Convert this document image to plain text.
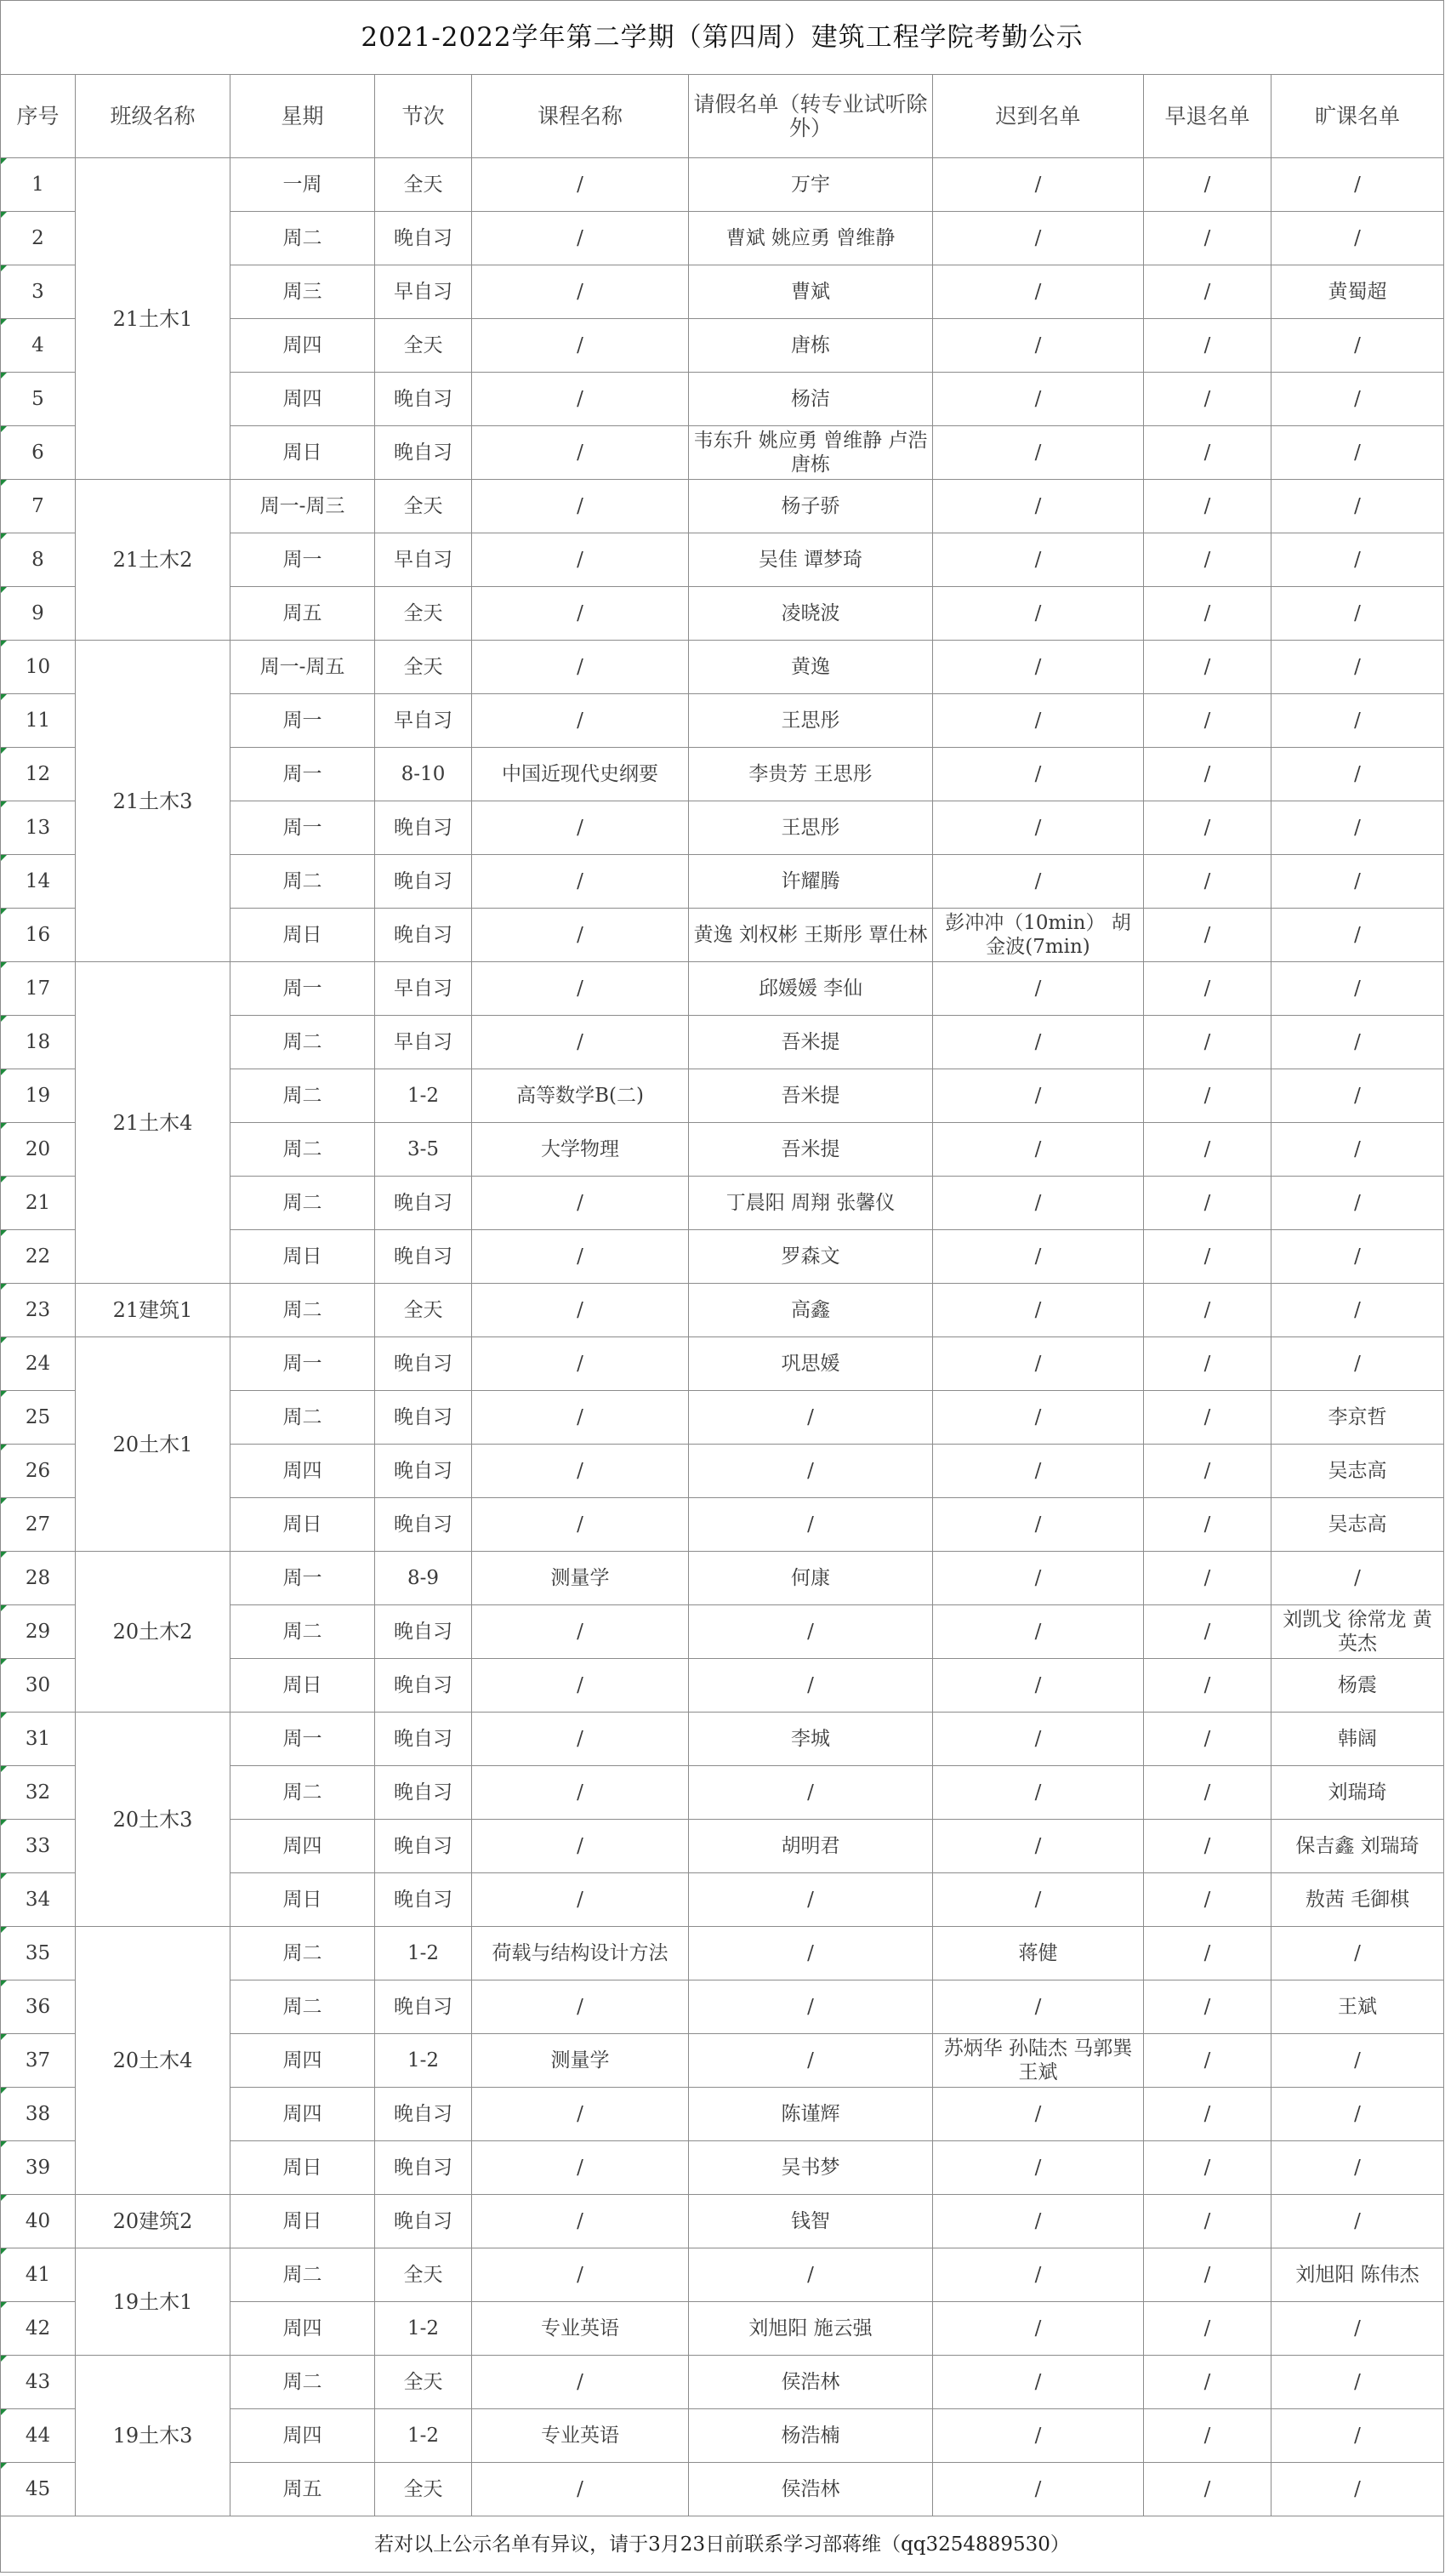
2021-2022学年第二学期（第四周）建筑工程学院考勤公示								
序号	班级名称	星期	节次	课程名称	请假名单（转专业试听除外）	迟到名单	早退名单	旷课名单
1	21土木1	一周	全天	/	万宇	/	/	/
2		周二	晚自习	/	曹斌 姚应勇 曾维静	/	/	/
3		周三	早自习	/	曹斌	/	/	黄蜀超
4		周四	全天	/	唐栋	/	/	/
5		周四	晚自习	/	杨洁	/	/	/
6		周日	晚自习	/	韦东升 姚应勇 曾维静 卢浩 唐栋	/	/	/
7	21土木2	周一-周三	全天	/	杨子骄	/	/	/
8		周一	早自习	/	吴佳 谭梦琦	/	/	/
9		周五	全天	/	凌晓波	/	/	/
10	21土木3	周一-周五	全天	/	黄逸	/	/	/
11		周一	早自习	/	王思彤	/	/	/
12		周一	8-10	中国近现代史纲要	李贵芳 王思彤	/	/	/
13		周一	晚自习	/	王思彤	/	/	/
14		周二	晚自习	/	许耀腾	/	/	/
16		周日	晚自习	/	黄逸 刘权彬 王斯彤 覃仕林	彭冲冲（10min） 胡金波(7min)	/	/
17	21土木4	周一	早自习	/	邱媛媛 李仙	/	/	/
18		周二	早自习	/	吾米提	/	/	/
19		周二	1-2	高等数学B(二)	吾米提	/	/	/
20		周二	3-5	大学物理	吾米提	/	/	/
21		周二	晚自习	/	丁晨阳 周翔 张馨仪	/	/	/
22		周日	晚自习	/	罗森文	/	/	/
23	21建筑1	周二	全天	/	高鑫	/	/	/
24	20土木1	周一	晚自习	/	巩思媛	/	/	/
25		周二	晚自习	/	/	/	/	李京哲
26		周四	晚自习	/	/	/	/	吴志高
27		周日	晚自习	/	/	/	/	吴志高
28	20土木2	周一	8-9	测量学	何康	/	/	/
29		周二	晚自习	/	/	/	/	刘凯戈 徐常龙 黄英杰
30		周日	晚自习	/	/	/	/	杨震
31	20土木3	周一	晚自习	/	李城	/	/	韩阔
32		周二	晚自习	/	/	/	/	刘瑞琦
33		周四	晚自习	/	胡明君	/	/	保吉鑫 刘瑞琦
34		周日	晚自习	/	/	/	/	敖茜 毛御棋
35	20土木4	周二	1-2	荷载与结构设计方法	/	蒋健	/	/
36		周二	晚自习	/	/	/	/	王斌
37		周四	1-2	测量学	/	苏炳华 孙陆杰 马郭巽 王斌	/	/
38		周四	晚自习	/	陈谨辉	/	/	/
39		周日	晚自习	/	吴书梦	/	/	/
40	20建筑2	周日	晚自习	/	钱智	/	/	/
41	19土木1	周二	全天	/	/	/	/	刘旭阳 陈伟杰
42		周四	1-2	专业英语	刘旭阳 施云强	/	/	/
43	19土木3	周二	全天	/	侯浩林	/	/	/
44		周四	1-2	专业英语	杨浩楠	/	/	/
45		周五	全天	/	侯浩林	/	/	/
若对以上公示名单有异议，请于3月23日前联系学习部蒋维（qq3254889530）								
